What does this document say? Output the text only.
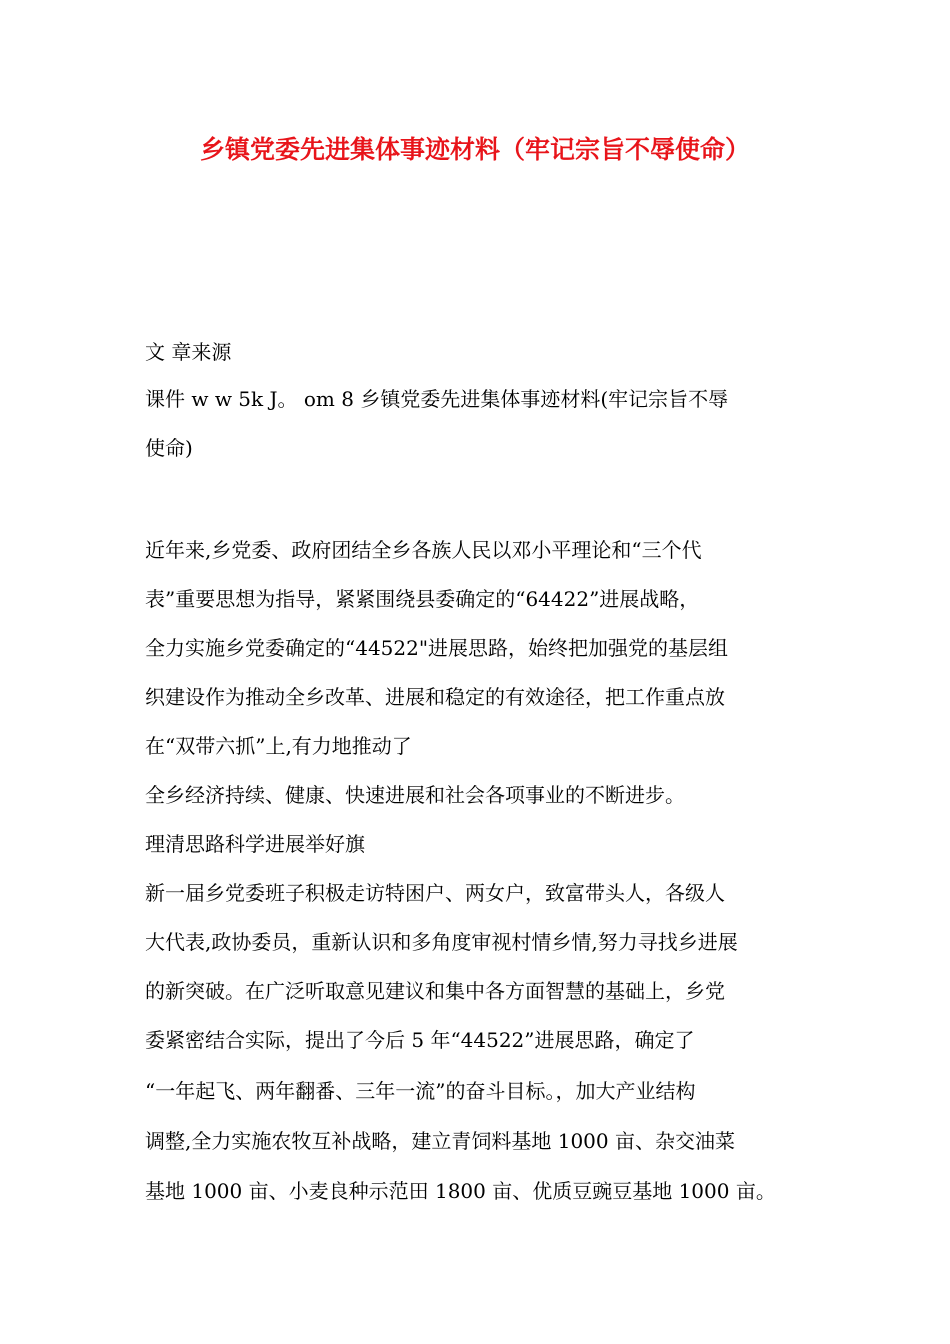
乡镇党委先进集体事迹材料（牢记宗旨不辱使命）
文 章来源
课件 w w 5k J。 om 8 乡镇党委先进集体事迹材料(牢记宗旨不辱
使命)
近年来,乡党委、政府团结全乡各族人民以邓小平理论和“三个代
表”重要思想为指导，紧紧围绕县委确定的“64422”进展战略，
全力实施乡党委确定的“44522"进展思路，始终把加强党的基层组
织建设作为推动全乡改革、进展和稳定的有效途径，把工作重点放
在“双带六抓”上,有力地推动了
全乡经济持续、健康、快速进展和社会各项事业的不断进步。
理清思路科学进展举好旗
新一届乡党委班子积极走访特困户、两女户，致富带头人，各级人
大代表,政协委员，重新认识和多角度审视村情乡情,努力寻找乡进展
的新突破。在广泛听取意见建议和集中各方面智慧的基础上，乡党
委紧密结合实际，提出了今后 5 年“44522”进展思路，确定了
“一年起飞、两年翻番、三年一流”的奋斗目标。，加大产业结构
调整,全力实施农牧互补战略，建立青饲料基地 1000 亩、杂交油菜
基地 1000 亩、小麦良种示范田 1800 亩、优质豆豌豆基地 1000 亩。
